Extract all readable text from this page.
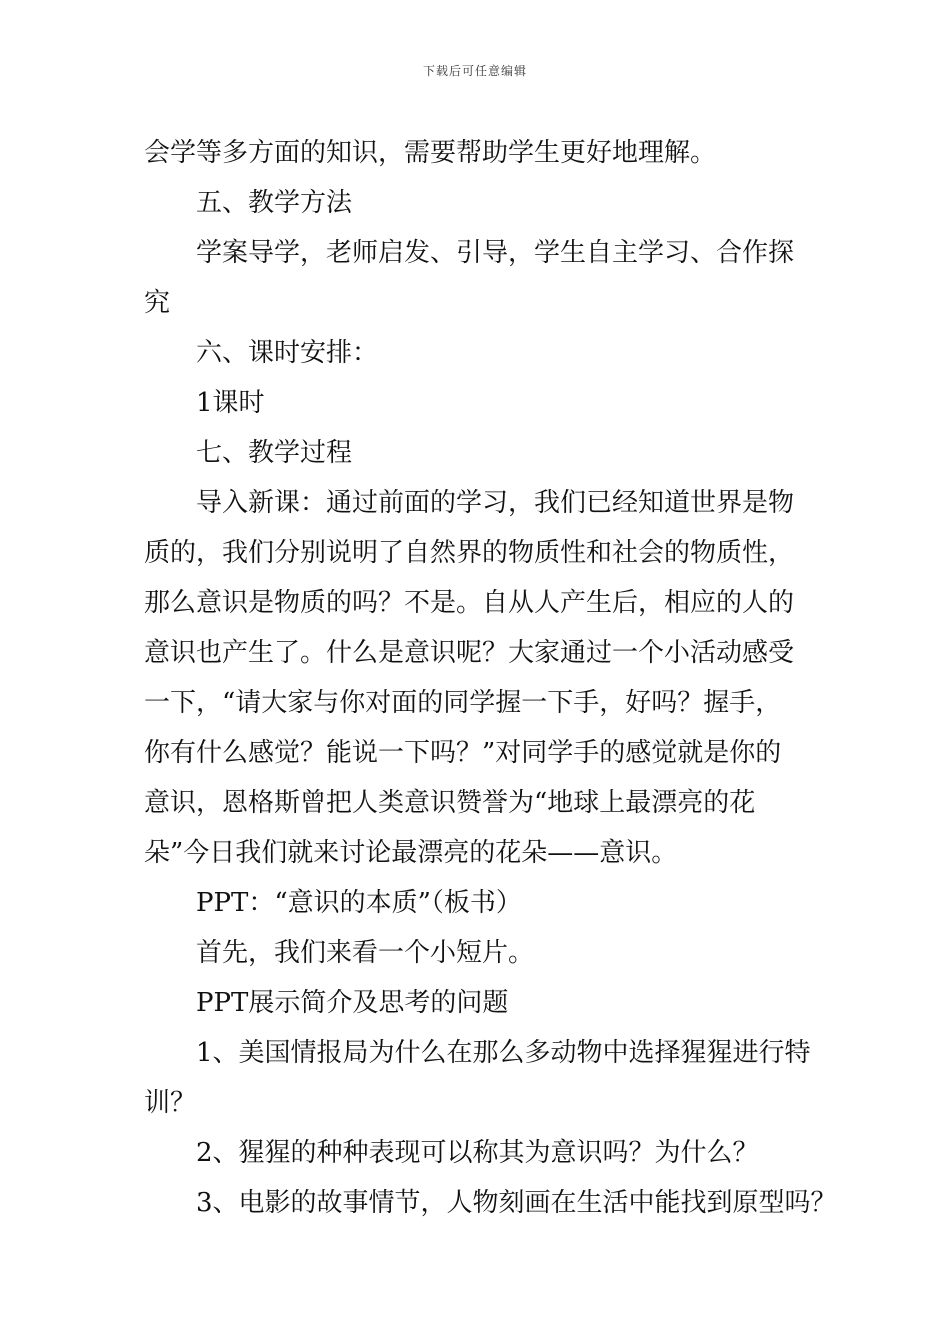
下载后可任意编辑
会学等多方面的知识，需要帮助学生更好地理解。
五、教学方法
学案导学，老师启发、引导，学生自主学习、合作探
究
六、课时安排：
1课时
七、教学过程
导入新课：通过前面的学习，我们已经知道世界是物
质的，我们分别说明了自然界的物质性和社会的物质性，
那么意识是物质的吗？不是。自从人产生后，相应的人的
意识也产生了。什么是意识呢？大家通过一个小活动感受
一下，“请大家与你对面的同学握一下手，好吗？握手，
你有什么感觉？能说一下吗？”对同学手的感觉就是你的
意识，恩格斯曾把人类意识赞誉为“地球上最漂亮的花
朵”今日我们就来讨论最漂亮的花朵——意识。
PPT：“意识的本质”（板书）
首先，我们来看一个小短片。
PPT展示简介及思考的问题
1、美国情报局为什么在那么多动物中选择猩猩进行特
训？
2、猩猩的种种表现可以称其为意识吗？为什么？
3、电影的故事情节，人物刻画在生活中能找到原型吗？
